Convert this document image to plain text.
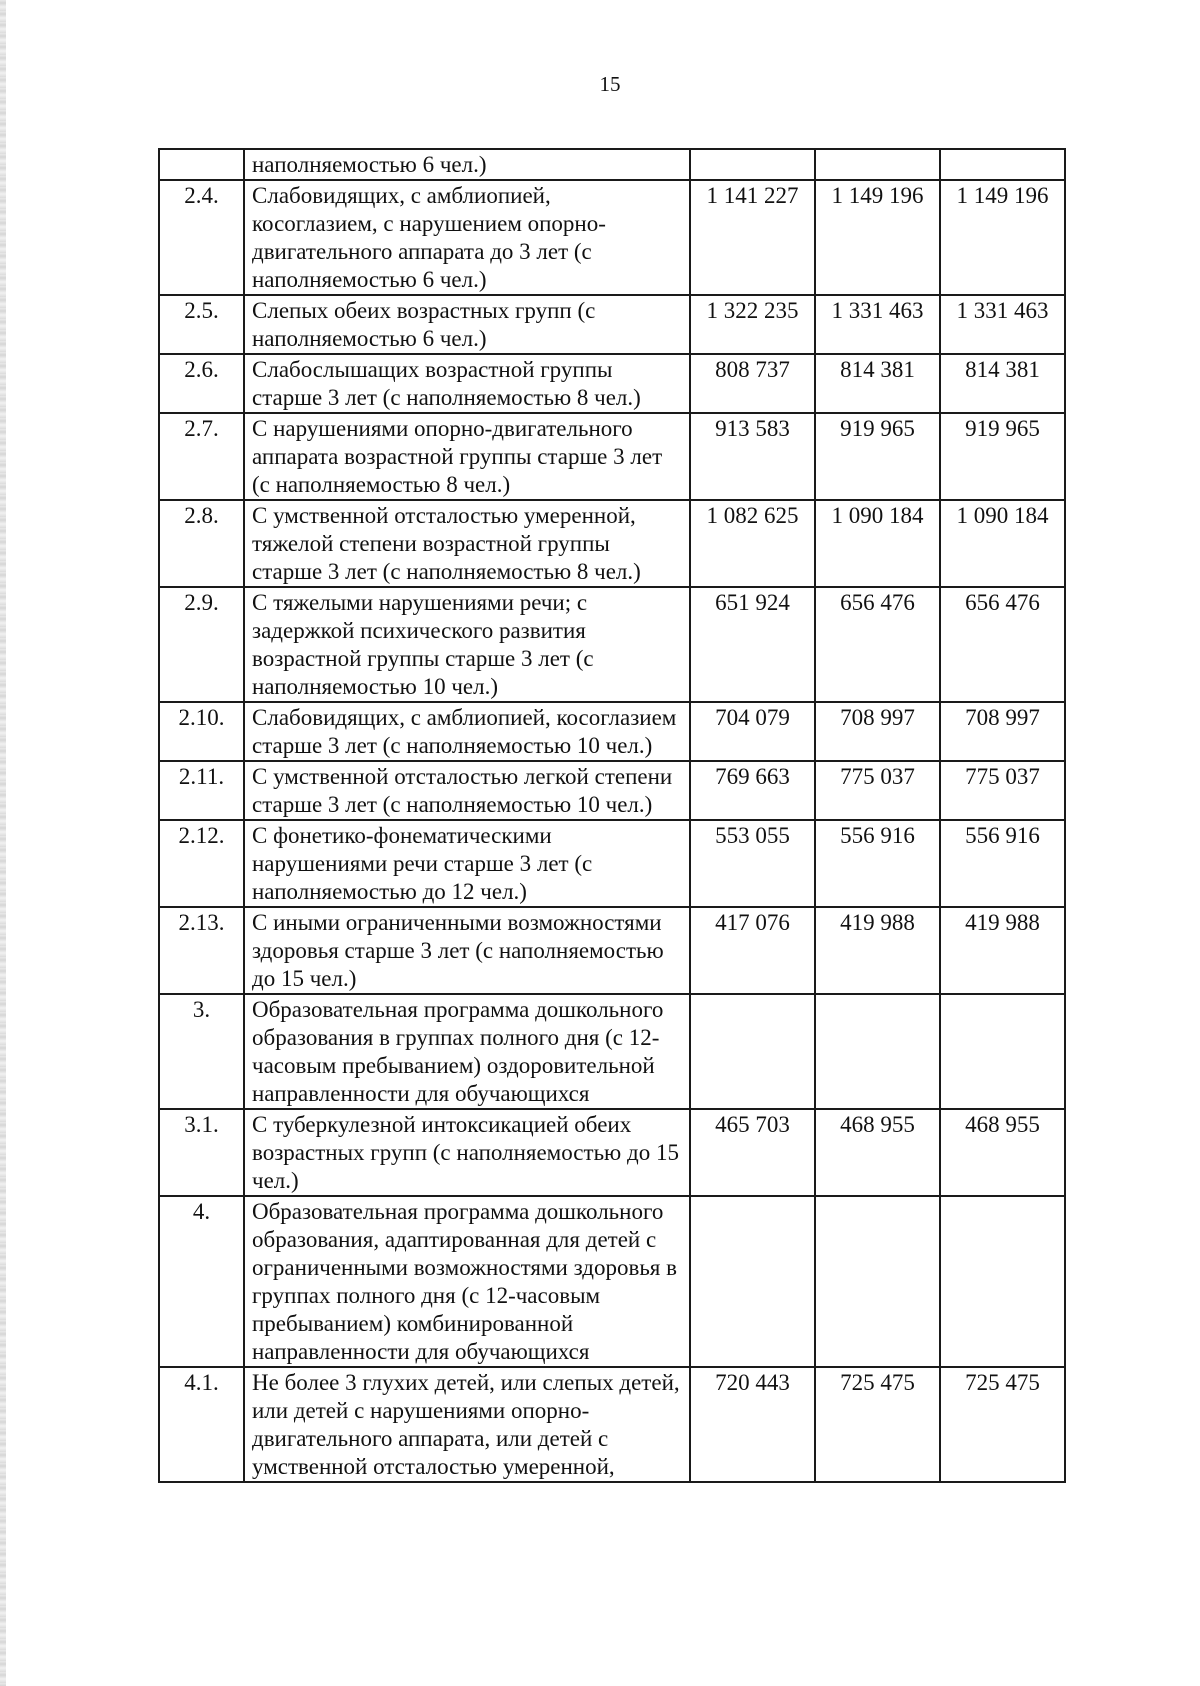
15
	наполняемостью 6 чел.)			
2.4.	Слабовидящих, с амблиопией, косоглазием, с нарушением опорно-двигательного аппарата до 3 лет (с наполняемостью 6 чел.)	1 141 227	1 149 196	1 149 196
2.5.	Слепых обеих возрастных групп (с наполняемостью 6 чел.)	1 322 235	1 331 463	1 331 463
2.6.	Слабослышащих возрастной группы старше 3 лет (с наполняемостью 8 чел.)	808 737	814 381	814 381
2.7.	С нарушениями опорно-двигательного аппарата возрастной группы старше 3 лет (с наполняемостью 8 чел.)	913 583	919 965	919 965
2.8.	С умственной отсталостью умеренной, тяжелой степени возрастной группы старше 3 лет (с наполняемостью 8 чел.)	1 082 625	1 090 184	1 090 184
2.9.	С тяжелыми нарушениями речи; с задержкой психического развития возрастной группы старше 3 лет (с наполняемостью 10 чел.)	651 924	656 476	656 476
2.10.	Слабовидящих, с амблиопией, косоглазием старше 3 лет (с наполняемостью 10 чел.)	704 079	708 997	708 997
2.11.	С умственной отсталостью легкой степени старше 3 лет (с наполняемостью 10 чел.)	769 663	775 037	775 037
2.12.	С фонетико-фонематическими нарушениями речи старше 3 лет (с наполняемостью до 12 чел.)	553 055	556 916	556 916
2.13.	С иными ограниченными возможностями здоровья старше 3 лет (с наполняемостью до 15 чел.)	417 076	419 988	419 988
3.	Образовательная программа дошкольного образования в группах полного дня (с 12-часовым пребыванием) оздоровительной направленности для обучающихся			
3.1.	С туберкулезной интоксикацией обеих возрастных групп (с наполняемостью до 15 чел.)	465 703	468 955	468 955
4.	Образовательная программа дошкольного образования, адаптированная для детей с ограниченными возможностями здоровья в группах полного дня (с 12-часовым пребыванием) комбинированной направленности для обучающихся			
4.1.	Не более 3 глухих детей, или слепых детей, или детей с нарушениями опорно-двигательного аппарата, или детей с умственной отсталостью умеренной,	720 443	725 475	725 475
